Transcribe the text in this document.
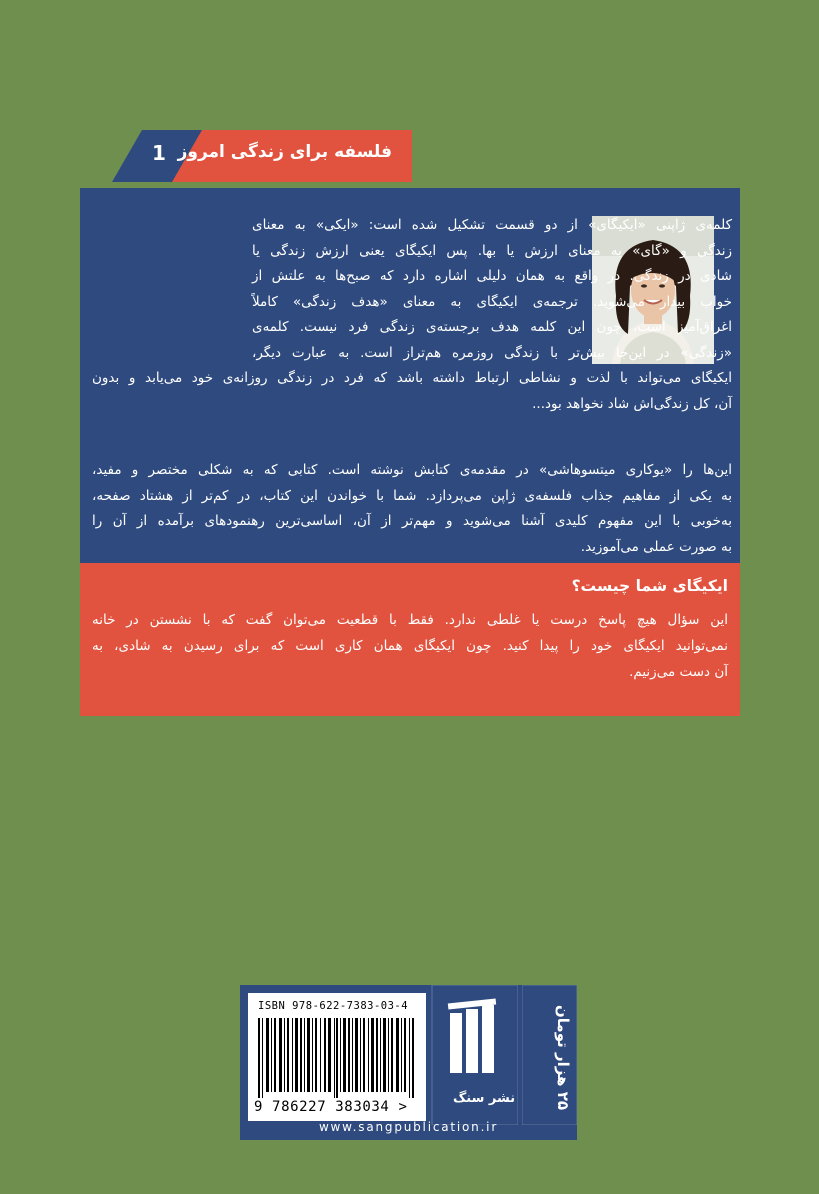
1 فلسفه برای زندگی امروز
کلمه‌ی ژاپنی «ایکیگای» از دو قسمت تشکیل شده است: «ایکی» به معنای
زندگی و «گای» به معنای ارزش یا بها. پس ایکیگای یعنی ارزش زندگی یا
شادی در زندگی. در واقع به همان دلیلی اشاره دارد که صبح‌ها به علتش از
خواب بیدار می‌شوید. ترجمه‌ی ایکیگای به معنای «هدف زندگی» کاملاً
اغراق‌آمیز است، چون این کلمه هدف برجسته‌ی زندگی فرد نیست. کلمه‌ی
«زندگی» در این‌جا بیش‌تر با زندگی روزمره هم‌تراز است. به عبارت دیگر،
ایکیگای می‌تواند با لذت و نشاطی ارتباط داشته باشد که فرد در زندگی روزانه‌ی خود می‌یابد و بدون
آن، کل زندگی‌اش شاد نخواهد بود...
این‌ها را «یوکاری میتسوهاشی» در مقدمه‌ی کتابش نوشته است. کتابی که به شکلی مختصر و مفید،
به یکی از مفاهیم جذاب فلسفه‌ی ژاپن می‌پردازد. شما با خواندن این کتاب، در کم‌تر از هشتاد صفحه،
به‌خوبی با این مفهوم کلیدی آشنا می‌شوید و مهم‌تر از آن، اساسی‌ترین رهنمودهای برآمده از آن را
به صورت عملی می‌آموزید.
ایکیگای شما چیست؟
این سؤال هیچ پاسخ درست یا غلطی ندارد. فقط با قطعیت می‌توان گفت که با نشستن در خانه
نمی‌توانید ایکیگای خود را پیدا کنید. چون ایکیگای همان کاری است که برای رسیدن به شادی، به
آن دست می‌زنیم.
ISBN 978-622-7383-03-4
9 786227 383034 >
نشر سنگ
۲۵ هزار تومان
www.sangpublication.ir
